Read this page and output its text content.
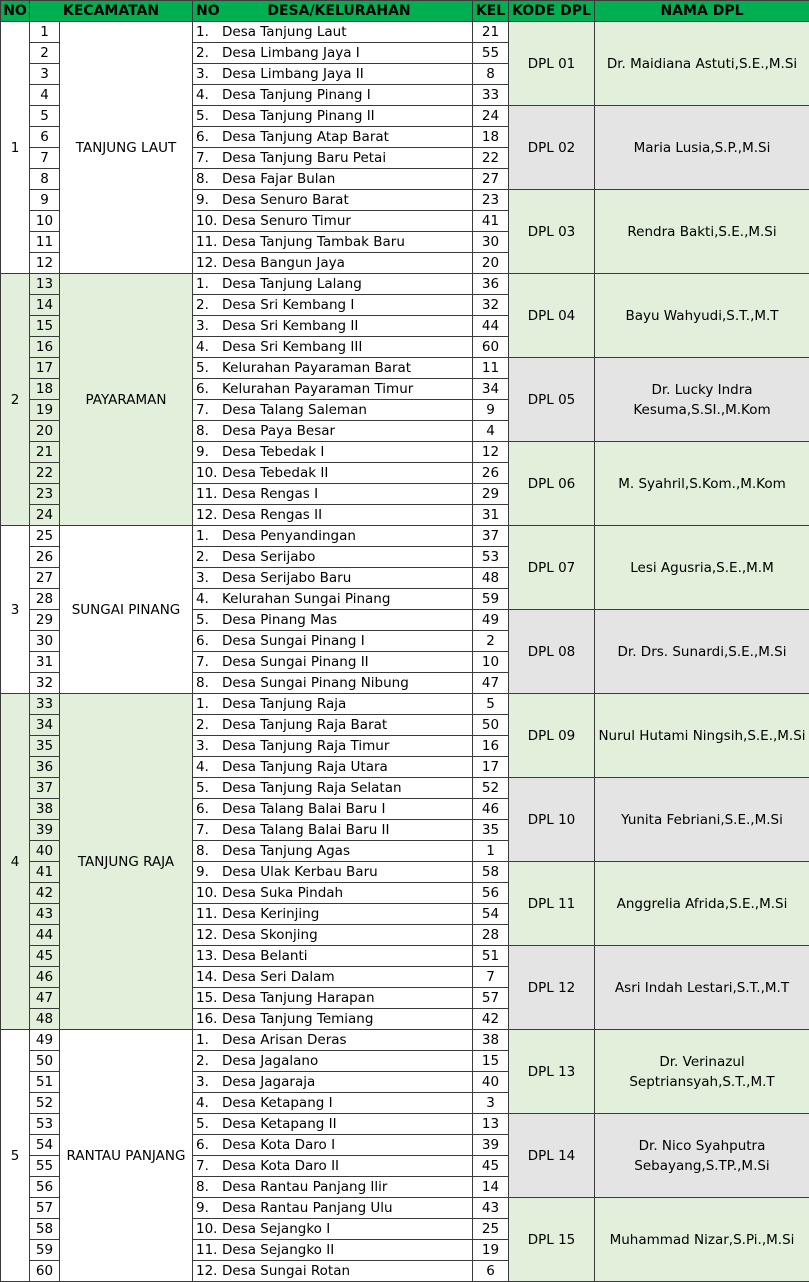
NO	KECAMATAN		NO DESA/KELURAHAN	KEL	KODE DPL	NAMA DPL
1	1	TANJUNG LAUT	1. Desa Tanjung Laut	21	DPL 01	Dr. Maidiana Astuti,S.E.,M.Si
	2		2. Desa Limbang Jaya I	55		
	3		3. Desa Limbang Jaya II	8		
	4		4. Desa Tanjung Pinang I	33		
	5		5. Desa Tanjung Pinang II	24	DPL 02	Maria Lusia,S.P.,M.Si
	6		6. Desa Tanjung Atap Barat	18		
	7		7. Desa Tanjung Baru Petai	22		
	8		8. Desa Fajar Bulan	27		
	9		9. Desa Senuro Barat	23	DPL 03	Rendra Bakti,S.E.,M.Si
	10		10. Desa Senuro Timur	41		
	11		11. Desa Tanjung Tambak Baru	30		
	12		12. Desa Bangun Jaya	20		
2	13	PAYARAMAN	1. Desa Tanjung Lalang	36	DPL 04	Bayu Wahyudi,S.T.,M.T
	14		2. Desa Sri Kembang I	32		
	15		3. Desa Sri Kembang II	44		
	16		4. Desa Sri Kembang III	60		
	17		5. Kelurahan Payaraman Barat	11	DPL 05	Dr. Lucky Indra Kesuma,S.SI.,M.Kom
	18		6. Kelurahan Payaraman Timur	34		
	19		7. Desa Talang Saleman	9		
	20		8. Desa Paya Besar	4		
	21		9. Desa Tebedak I	12	DPL 06	M. Syahril,S.Kom.,M.Kom
	22		10. Desa Tebedak II	26		
	23		11. Desa Rengas I	29		
	24		12. Desa Rengas II	31		
3	25	SUNGAI PINANG	1. Desa Penyandingan	37	DPL 07	Lesi Agusria,S.E.,M.M
	26		2. Desa Serijabo	53		
	27		3. Desa Serijabo Baru	48		
	28		4. Kelurahan Sungai Pinang	59		
	29		5. Desa Pinang Mas	49	DPL 08	Dr. Drs. Sunardi,S.E.,M.Si
	30		6. Desa Sungai Pinang I	2		
	31		7. Desa Sungai Pinang II	10		
	32		8. Desa Sungai Pinang Nibung	47		
4	33	TANJUNG RAJA	1. Desa Tanjung Raja	5	DPL 09	Nurul Hutami Ningsih,S.E.,M.Si
	34		2. Desa Tanjung Raja Barat	50		
	35		3. Desa Tanjung Raja Timur	16		
	36		4. Desa Tanjung Raja Utara	17		
	37		5. Desa Tanjung Raja Selatan	52	DPL 10	Yunita Febriani,S.E.,M.Si
	38		6. Desa Talang Balai Baru I	46		
	39		7. Desa Talang Balai Baru II	35		
	40		8. Desa Tanjung Agas	1		
	41		9. Desa Ulak Kerbau Baru	58	DPL 11	Anggrelia Afrida,S.E.,M.Si
	42		10. Desa Suka Pindah	56		
	43		11. Desa Kerinjing	54		
	44		12. Desa Skonjing	28		
	45		13. Desa Belanti	51	DPL 12	Asri Indah Lestari,S.T.,M.T
	46		14. Desa Seri Dalam	7		
	47		15. Desa Tanjung Harapan	57		
	48		16. Desa Tanjung Temiang	42		
5	49	RANTAU PANJANG	1. Desa Arisan Deras	38	DPL 13	Dr. Verinazul Septriansyah,S.T.,M.T
	50		2. Desa Jagalano	15		
	51		3. Desa Jagaraja	40		
	52		4. Desa Ketapang I	3		
	53		5. Desa Ketapang II	13	DPL 14	Dr. Nico Syahputra Sebayang,S.TP.,M.Si
	54		6. Desa Kota Daro I	39		
	55		7. Desa Kota Daro II	45		
	56		8. Desa Rantau Panjang Ilir	14		
	57		9. Desa Rantau Panjang Ulu	43	DPL 15	Muhammad Nizar,S.Pi.,M.Si
	58		10. Desa Sejangko I	25		
	59		11. Desa Sejangko II	19		
	60		12. Desa Sungai Rotan	6		
